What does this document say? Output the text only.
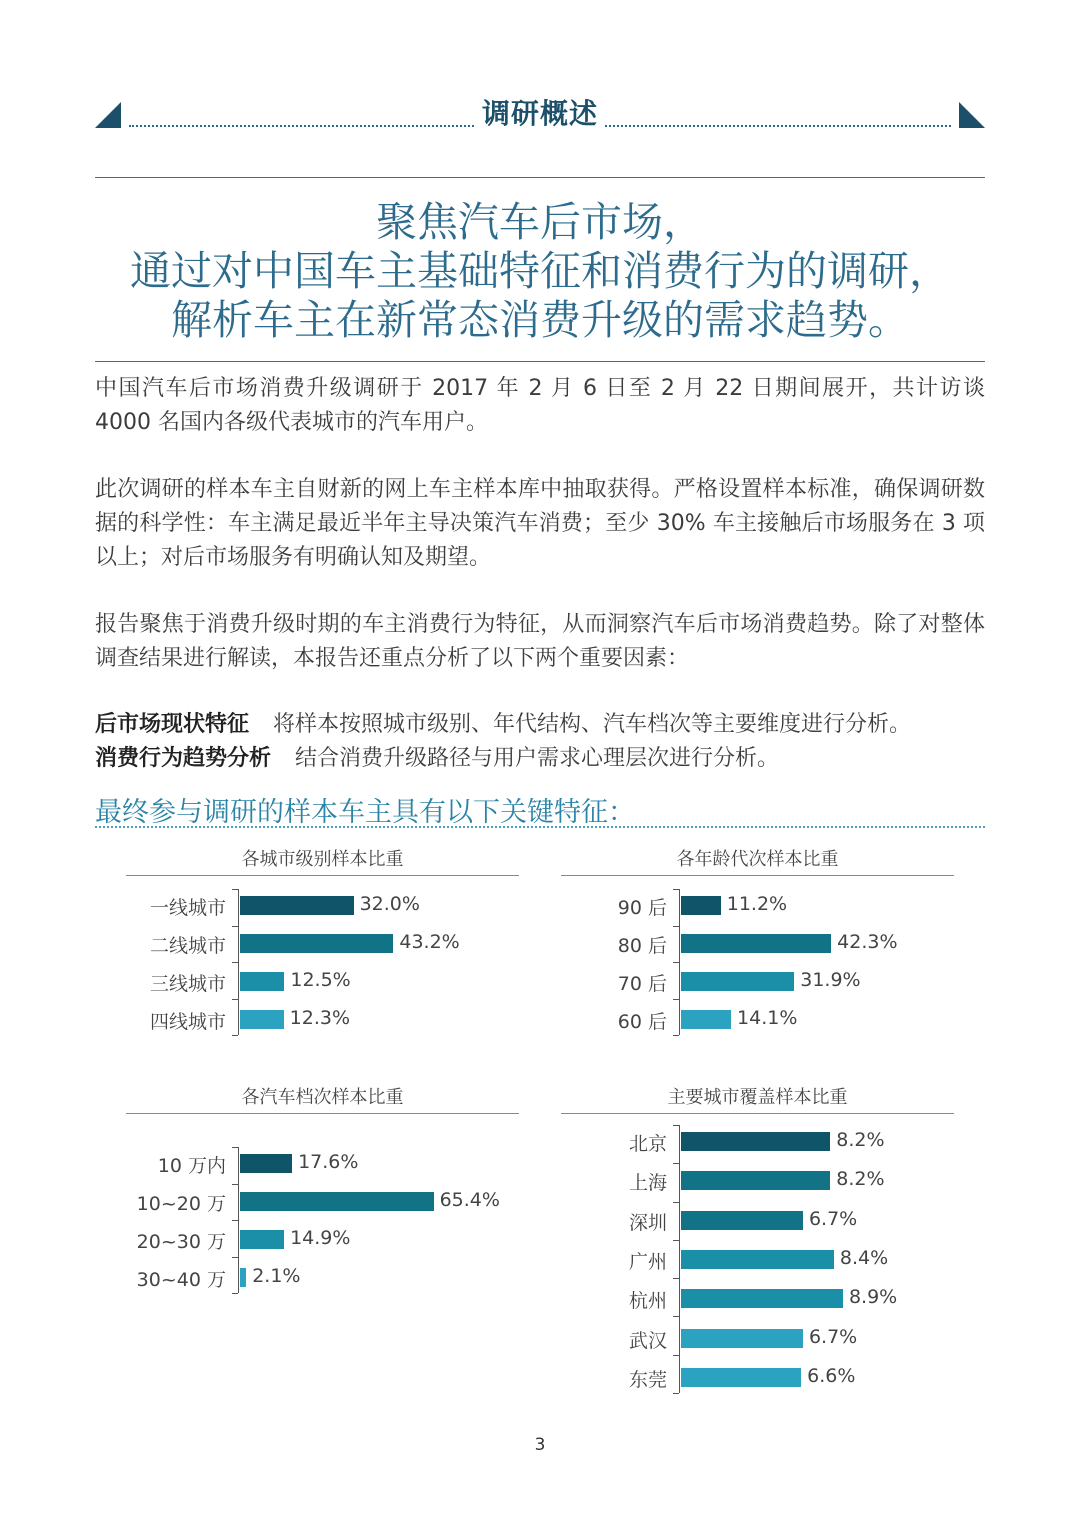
调研概述
聚焦汽车后市场，
通过对中国车主基础特征和消费行为的调研，
解析车主在新常态消费升级的需求趋势。

中国汽车后市场消费升级调研于 2017 年 2 月 6 日至 2 月 22 日期间展开，共计访谈 4000 名国内各级代表城市的汽车用户。

此次调研的样本车主自财新的网上车主样本库中抽取获得。严格设置样本标准，确保调研数据的科学性：车主满足最近半年主导决策汽车消费；至少 30% 车主接触后市场服务在 3 项以上；对后市场服务有明确认知及期望。

报告聚焦于消费升级时期的车主消费行为特征，从而洞察汽车后市场消费趋势。除了对整体调查结果进行解读，本报告还重点分析了以下两个重要因素：

后市场现状特征 将样本按照城市级别、年代结构、汽车档次等主要维度进行分析。
消费行为趋势分析 结合消费升级路径与用户需求心理层次进行分析。
最终参与调研的样本车主具有以下关键特征：
各城市级别样本比重
一线城市	32.0%
二线城市	43.2%
三线城市	12.5%
四线城市	12.3%
各年龄代次样本比重
90 后	11.2%
80 后	42.3%
70 后	31.9%
60 后	14.1%
各汽车档次样本比重
10 万内	17.6%
10~20 万	65.4%
20~30 万	14.9%
30~40 万 2.1%
主要城市覆盖样本比重
北京	8.2%
上海	8.2%
深圳	6.7%
广州	8.4%
杭州	8.9%
武汉	6.7%
东莞	6.6%
3
